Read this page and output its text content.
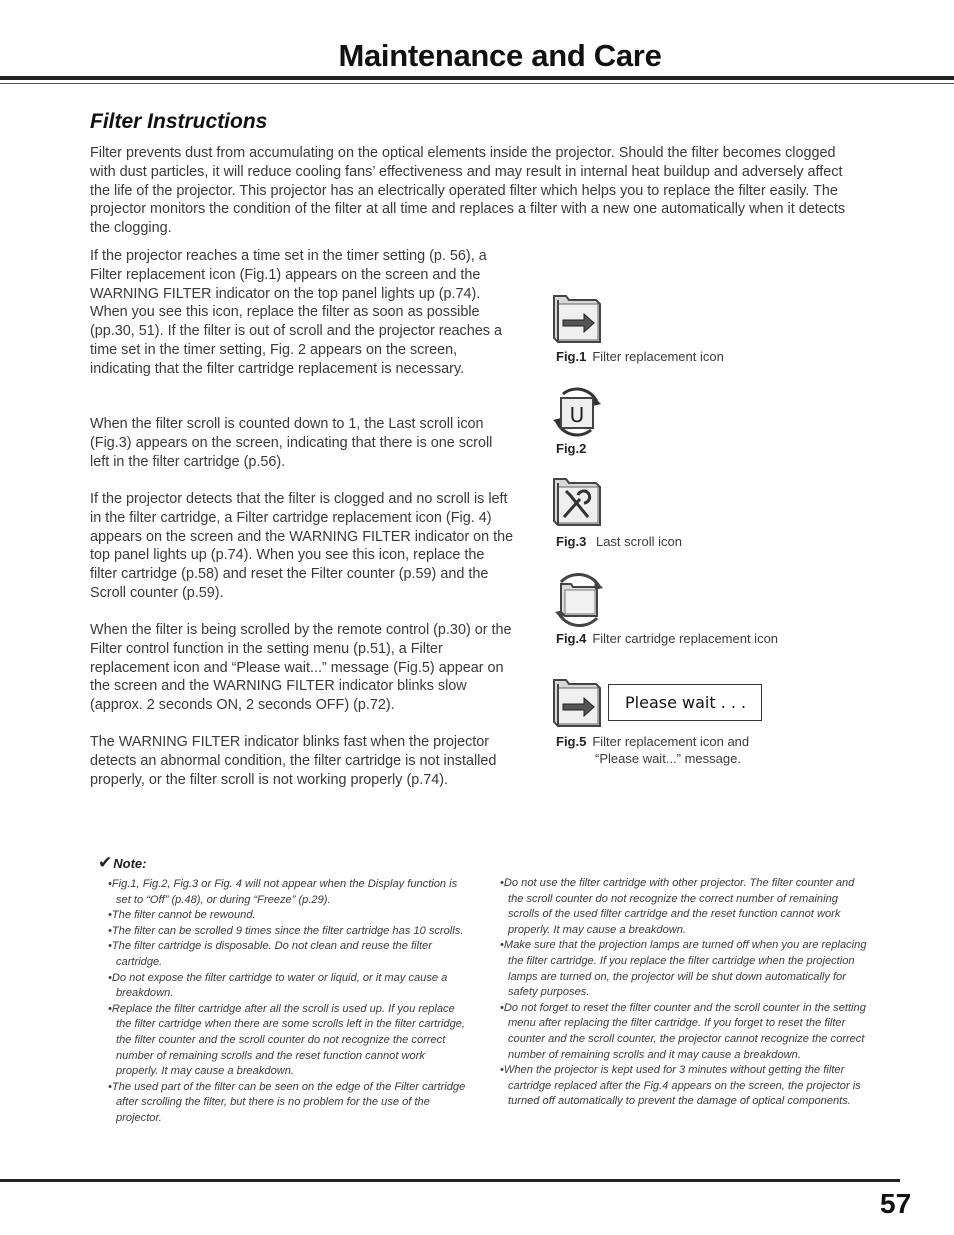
Maintenance and Care
Filter Instructions
Filter prevents dust from accumulating on the optical elements inside the projector. Should the filter becomes clogged with dust particles, it will reduce cooling fans’ effectiveness and may result in internal heat buildup and adversely affect the life of the projector. This projector has an electrically operated filter which helps you to replace the filter easily. The projector monitors the condition of the filter at all time and replaces a filter with a new one automatically when it detects the clogging.
If the projector reaches a time set in the timer setting (p. 56), a Filter replacement icon (Fig.1) appears on the screen and the WARNING FILTER indicator on the top panel lights up (p.74). When you see this icon, replace the filter as soon as possible (pp.30, 51). If the filter is out of scroll and the projector reaches a time set in the timer setting, Fig. 2 appears on the screen, indicating that the filter cartridge replacement is necessary.
When the filter scroll is counted down to 1, the Last scroll icon (Fig.3) appears on the screen, indicating that there is one scroll left in the filter cartridge (p.56).
If the projector detects that the filter is clogged and no scroll is left in the filter cartridge, a Filter cartridge replacement icon (Fig. 4) appears on the screen and the WARNING FILTER indicator on the top panel lights up (p.74). When you see this icon, replace the filter cartridge (p.58) and reset the Filter counter (p.59) and the Scroll counter (p.59).
When the filter is being scrolled by the remote control (p.30) or the Filter control function in the setting menu (p.51), a Filter replacement icon and “Please wait...” message (Fig.5) appear on the screen and the WARNING FILTER indicator blinks slow (approx. 2 seconds ON, 2 seconds OFF) (p.72).
The WARNING FILTER indicator blinks fast when the projector detects an abnormal condition, the filter cartridge is not installed properly, or the filter scroll is not working properly (p.74).
Fig.1 Filter replacement icon
U
Fig.2
Fig.3 Last scroll icon
Fig.4 Filter cartridge replacement icon
Please wait . . .
Fig.5 Filter replacement icon and
“Please wait...” message.
✔Note:
•Fig.1, Fig.2, Fig.3 or Fig. 4 will not appear when the Display function is set to “Off” (p.48), or during “Freeze” (p.29).
•The filter cannot be rewound.
•The filter can be scrolled 9 times since the filter cartridge has 10 scrolls.
•The filter cartridge is disposable. Do not clean and reuse the filter cartridge.
•Do not expose the filter cartridge to water or liquid, or it may cause a breakdown.
•Replace the filter cartridge after all the scroll is used up. If you replace the filter cartridge when there are some scrolls left in the filter cartridge, the filter counter and the scroll counter do not recognize the correct number of remaining scrolls and the reset function cannot work properly. It may cause a breakdown.
•The used part of the filter can be seen on the edge of the Filter cartridge after scrolling the filter, but there is no problem for the use of the projector.
•Do not use the filter cartridge with other projector. The filter counter and the scroll counter do not recognize the correct number of remaining scrolls of the used filter cartridge and the reset function cannot work properly. It may cause a breakdown.
•Make sure that the projection lamps are turned off when you are replacing the filter cartridge. If you replace the filter cartridge when the projection lamps are turned on, the projector will be shut down automatically for safety purposes.
•Do not forget to reset the filter counter and the scroll counter in the setting menu after replacing the filter cartridge. If you forget to reset the filter counter and the scroll counter, the projector cannot recognize the correct number of remaining scrolls and it may cause a breakdown.
•When the projector is kept used for 3 minutes without getting the filter cartridge replaced after the Fig.4 appears on the screen, the projector is turned off automatically to prevent the damage of optical components.
57
